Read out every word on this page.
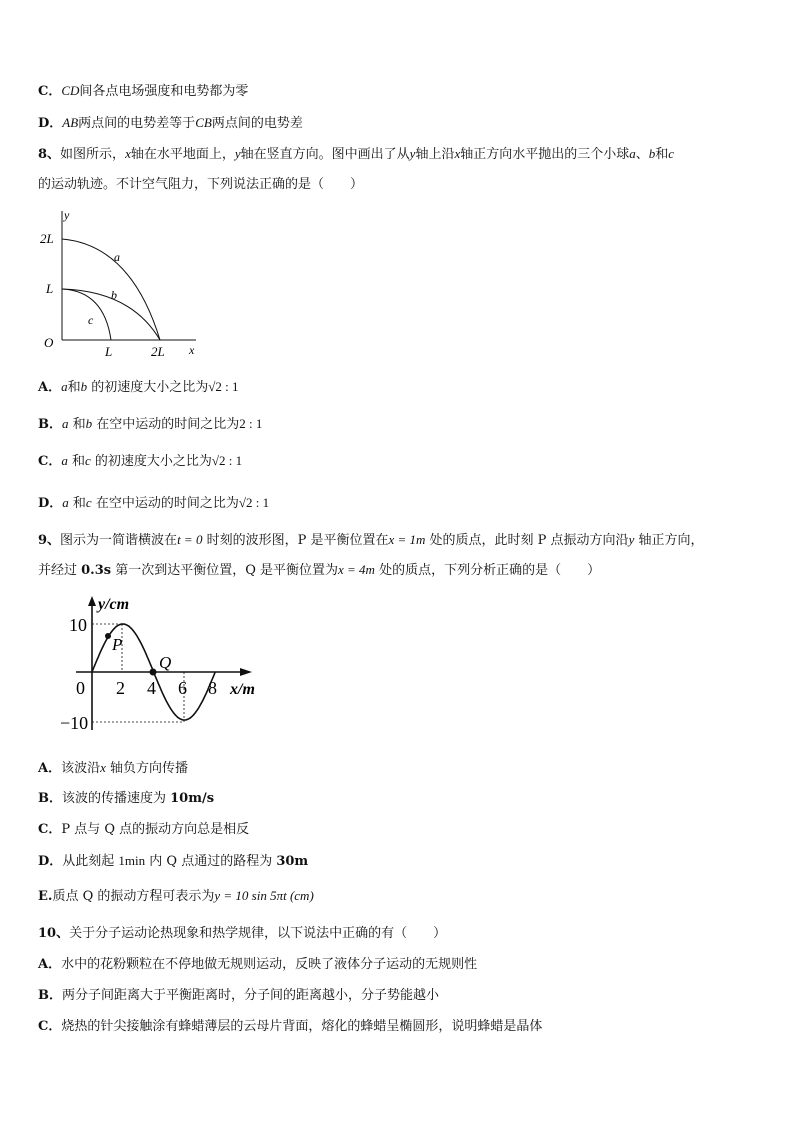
C．CD间各点电场强度和电势都为零
D．AB两点间的电势差等于CB两点间的电势差
8、如图所示，x轴在水平地面上，y轴在竖直方向。图中画出了从y轴上沿x轴正方向水平抛出的三个小球a、b和c
的运动轨迹。不计空气阻力，下列说法正确的是（　　）
y
x
O
2L
L
L	2L
a
b
c
A．a和b 的初速度大小之比为√2 : 1
B．a 和b 在空中运动的时间之比为2 : 1
C．a 和c 的初速度大小之比为√2 : 1
D．a 和c 在空中运动的时间之比为√2 : 1
9、图示为一简谐横波在t = 0 时刻的波形图，P 是平衡位置在x = 1m 处的质点，此时刻 P 点振动方向沿y 轴正方向，
并经过 0.3s 第一次到达平衡位置，Q 是平衡位置为x = 4m 处的质点，下列分析正确的是（　　）
P
Q
y/cm
x/m
10
−10
0 2 4 6 8
A．该波沿x 轴负方向传播
B．该波的传播速度为 10m/s
C．P 点与 Q 点的振动方向总是相反
D．从此刻起 1min 内 Q 点通过的路程为 30m
E.质点 Q 的振动方程可表示为y = 10 sin 5πt (cm)
10、关于分子运动论热现象和热学规律，以下说法中正确的有（　　）
A．水中的花粉颗粒在不停地做无规则运动，反映了液体分子运动的无规则性
B．两分子间距离大于平衡距离时，分子间的距离越小，分子势能越小
C．烧热的针尖接触涂有蜂蜡薄层的云母片背面，熔化的蜂蜡呈椭圆形，说明蜂蜡是晶体
